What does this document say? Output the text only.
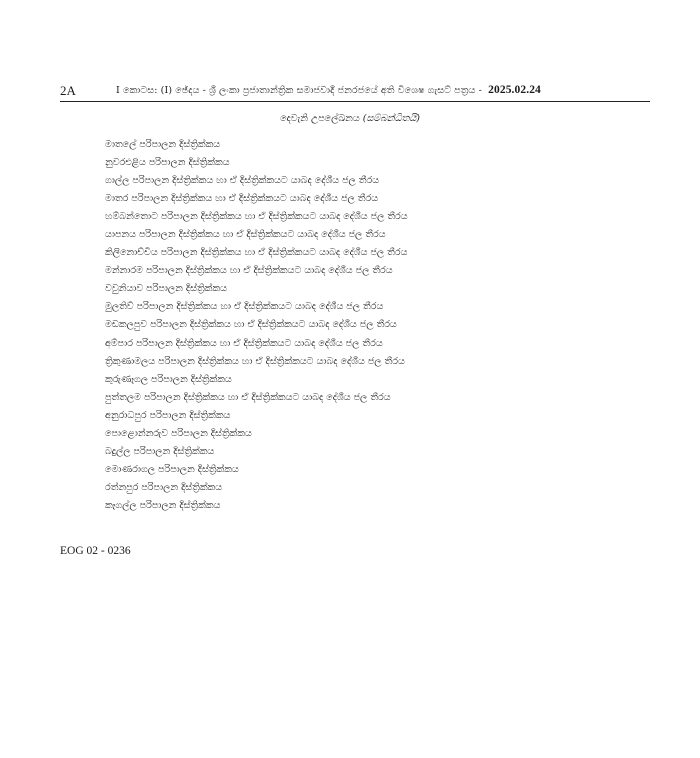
2A	I කොටස: (I) ඡේදය - ශ්‍රී ලංකා ප්‍රජාතාන්ත්‍රික සමාජවාදී ජනරජයේ අති විශෙෂ ගැසට් පත්‍රය - 2025.02.24
දෙවැනි උපලේඛනය (සම්බන්ධිතයි)
මාතලේ පරිපාලන දිස්ත්‍රික්කය
නුවරඑළිය පරිපාලන දිස්ත්‍රික්කය
ගාල්ල පරිපාලන දිස්ත්‍රික්කය හා ඒ දිස්ත්‍රික්කයට යාබද දේශීය ජල තීරය
මාතර පරිපාලන දිස්ත්‍රික්කය හා ඒ දිස්ත්‍රික්කයට යාබද දේශීය ජල තීරය
හම්බන්තොට පරිපාලන දිස්ත්‍රික්කය හා ඒ දිස්ත්‍රික්කයට යාබද දේශීය ජල තීරය
යාපනය පරිපාලන දිස්ත්‍රික්කය හා ඒ දිස්ත්‍රික්කයට යාබද දේශීය ජල තීරය
කිලිනොච්චිය පරිපාලන දිස්ත්‍රික්කය හා ඒ දිස්ත්‍රික්කයට යාබද දේශීය ජල තීරය
මන්නාරම පරිපාලන දිස්ත්‍රික්කය හා ඒ දිස්ත්‍රික්කයට යාබද දේශීය ජල තීරය
වවුනියාව පරිපාලන දිස්ත්‍රික්කය
මුලතිව් පරිපාලන දිස්ත්‍රික්කය හා ඒ දිස්ත්‍රික්කයට යාබද දේශීය ජල තීරය
මඩකලපුව පරිපාලන දිස්ත්‍රික්කය හා ඒ දිස්ත්‍රික්කයට යාබද දේශීය ජල තීරය
අම්පාර පරිපාලන දිස්ත්‍රික්කය හා ඒ දිස්ත්‍රික්කයට යාබද දේශීය ජල තීරය
ත්‍රිකුණාමලය පරිපාලන දිස්ත්‍රික්කය හා ඒ දිස්ත්‍රික්කයට යාබද දේශීය ජල තීරය
කුරුණෑගල පරිපාලන දිස්ත්‍රික්කය
පුත්තලම පරිපාලන දිස්ත්‍රික්කය හා ඒ දිස්ත්‍රික්කයට යාබද දේශීය ජල තීරය
අනුරාධපුර පරිපාලන දිස්ත්‍රික්කය
පොළොන්නරුව පරිපාලන දිස්ත්‍රික්කය
බදුල්ල පරිපාලන දිස්ත්‍රික්කය
මොණරාගල පරිපාලන දිස්ත්‍රික්කය
රත්නපුර පරිපාලන දිස්ත්‍රික්කය
කෑගල්ල පරිපාලන දිස්ත්‍රික්කය
EOG 02 - 0236
